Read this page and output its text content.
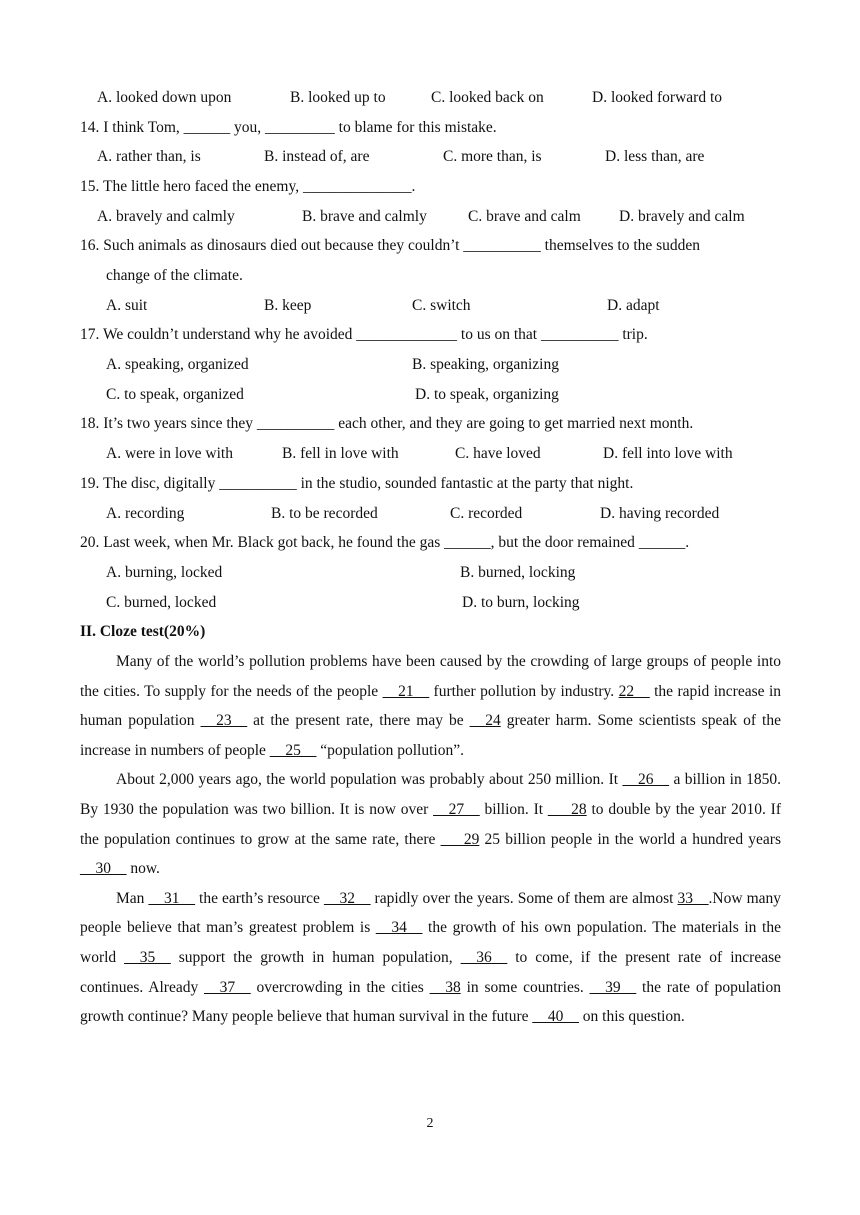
A. looked down upon	B. looked up to	C. looked back on	D. looked forward to
14. I think Tom, ______ you, _________ to blame for this mistake.
A. rather than, is	B. instead of, are	C. more than, is	D. less than, are
15. The little hero faced the enemy, ______________.
A. bravely and calmly	B. brave and calmly	C. brave and calm D. bravely and calm
16. Such animals as dinosaurs died out because they couldn’t __________ themselves to the sudden
change of the climate.
A. suit	B. keep	C. switch	D. adapt
17. We couldn’t understand why he avoided _____________ to us on that __________ trip.
A. speaking, organized	B. speaking, organizing
C. to speak, organized	D. to speak, organizing
18. It’s two years since they __________ each other, and they are going to get married next month.
A. were in love with	B. fell in love with	C. have loved	D. fell into love with
19. The disc, digitally __________ in the studio, sounded fantastic at the party that night.
A. recording	B. to be recorded	C. recorded	D. having recorded
20. Last week, when Mr. Black got back, he found the gas ______, but the door remained ______.
A. burning, locked	B. burned, locking
C. burned, locked	D. to burn, locking
II. Cloze test(20%)

Many of the world’s pollution problems have been caused by the crowding of large groups of people into the cities. To supply for the needs of the people __21__ further pollution by industry. 22__ the rapid increase in human population __23__ at the present rate, there may be __24 greater harm. Some scientists speak of the increase in numbers of people __25__ “population pollution”.

About 2,000 years ago, the world population was probably about 250 million. It __26__ a billion in 1850. By 1930 the population was two billion. It is now over __27__ billion. It ___28 to double by the year 2010. If the population continues to grow at the same rate, there ___29 25 billion people in the world a hundred years __30__ now.

Man __31__ the earth’s resource __32__ rapidly over the years. Some of them are almost 33__.Now many people believe that man’s greatest problem is __34__ the growth of his own population. The materials in the world __35__ support the growth in human population, __36__ to come, if the present rate of increase continues. Already __37__ overcrowding in the cities __38 in some countries. __39__ the rate of population growth continue? Many people believe that human survival in the future __40__ on this question.

2
